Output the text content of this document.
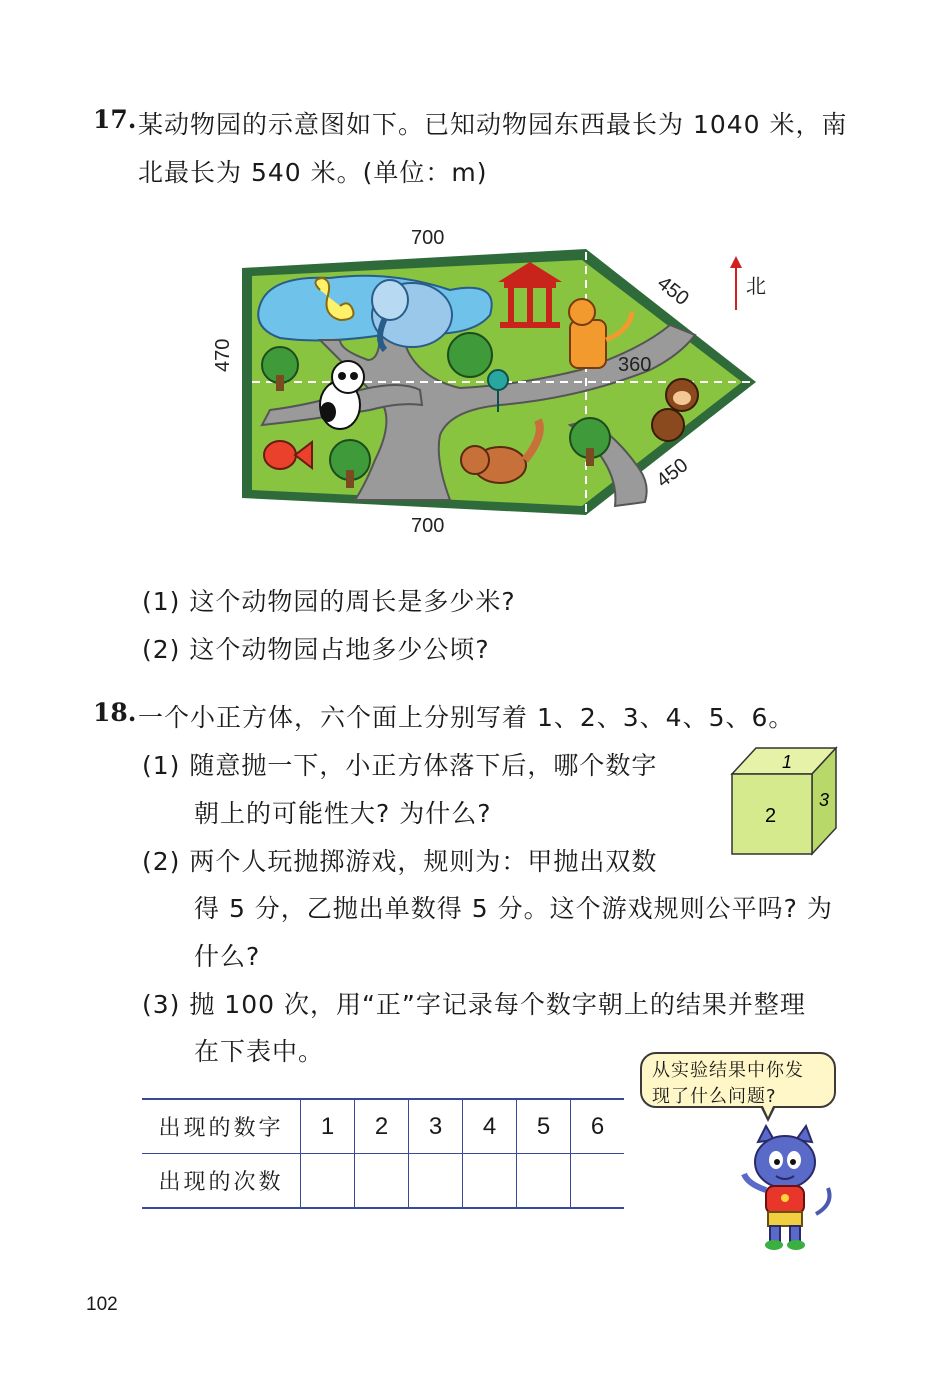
17. 某动物园的示意图如下。已知动物园东西最长为 1040 米，南
北最长为 540 米。(单位：m)
700
700
470
450
450
360
北
(1) 这个动物园的周长是多少米?
(2) 这个动物园占地多少公顷?
18. 一个小正方体，六个面上分别写着 1、2、3、4、5、6。
(1) 随意抛一下，小正方体落下后，哪个数字
朝上的可能性大? 为什么?
(2) 两个人玩抛掷游戏，规则为：甲抛出双数
得 5 分，乙抛出单数得 5 分。这个游戏规则公平吗? 为
什么?
(3) 抛 100 次，用“正”字记录每个数字朝上的结果并整理
在下表中。
1
2
3
出现的数字	1	2	3	4	5	6
出现的次数						
从实验结果中你发
现了什么问题?
102
